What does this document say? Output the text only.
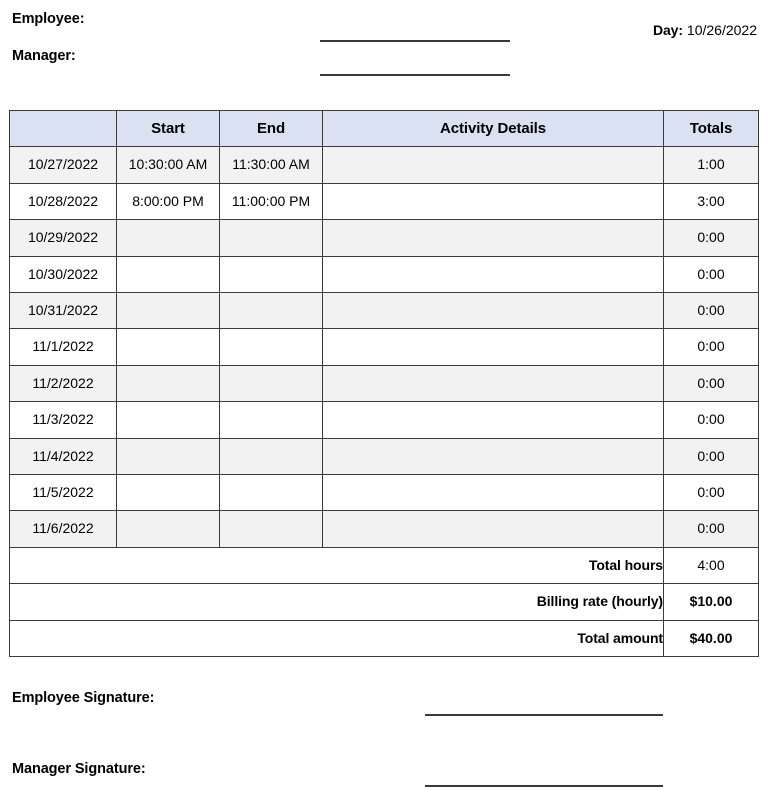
Employee:
Manager:
Day: 10/26/2022
	Start	End	Activity Details	Totals
10/27/2022	10:30:00 AM	11:30:00 AM		1:00
10/28/2022	8:00:00 PM	11:00:00 PM		3:00
10/29/2022				0:00
10/30/2022				0:00
10/31/2022				0:00
11/1/2022				0:00
11/2/2022				0:00
11/3/2022				0:00
11/4/2022				0:00
11/5/2022				0:00
11/6/2022				0:00
Total hours				4:00
Billing rate (hourly)				$10.00
Total amount				$40.00
Employee Signature:
Manager Signature:
